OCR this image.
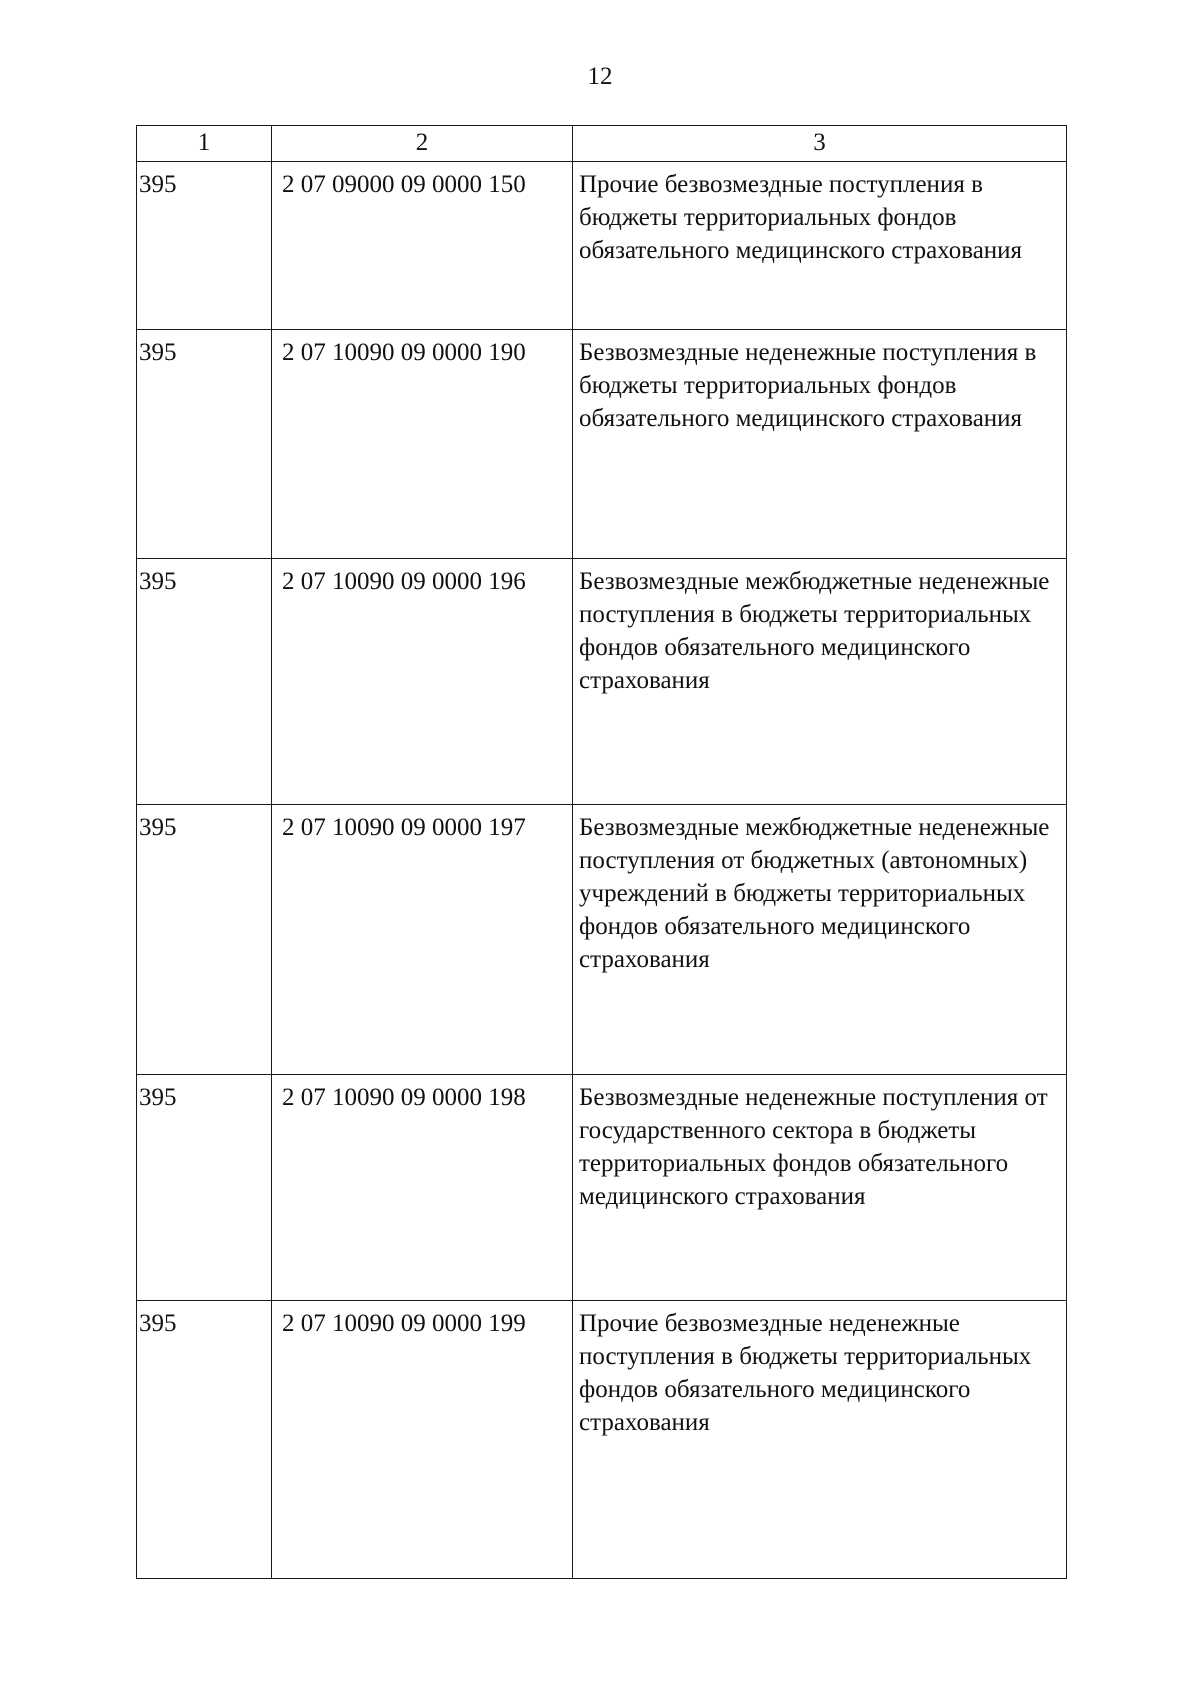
12
1	2	3
395	2 07 09000 09 0000 150	Прочие безвозмездные поступления в бюджеты территориальных фондов обязательного медицинского страхования
395	2 07 10090 09 0000 190	Безвозмездные неденежные поступления в бюджеты территориальных фондов обязательного медицинского страхования
395	2 07 10090 09 0000 196	Безвозмездные межбюджетные неденежные поступления в бюджеты территориальных фондов обязательного медицинского страхования
395	2 07 10090 09 0000 197	Безвозмездные межбюджетные неденежные поступления от бюджетных (автономных) учреждений в бюджеты территориальных фондов обязательного медицинского страхования
395	2 07 10090 09 0000 198	Безвозмездные неденежные поступления от государственного сектора в бюджеты территориальных фондов обязательного медицинского страхования
395	2 07 10090 09 0000 199	Прочие безвозмездные неденежные поступления в бюджеты территориальных фондов обязательного медицинского страхования
